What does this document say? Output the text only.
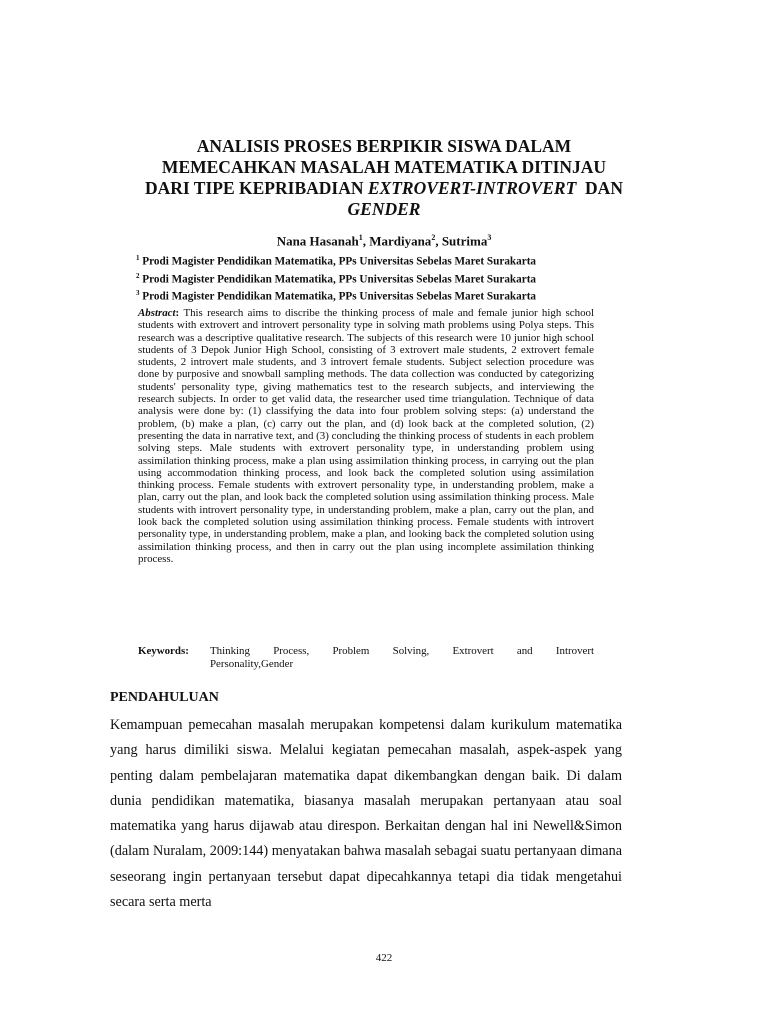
ANALISIS PROSES BERPIKIR SISWA DALAM
MEMECAHKAN MASALAH MATEMATIKA DITINJAU
DARI TIPE KEPRIBADIAN EXTROVERT-INTROVERT  DAN
GENDER
Nana Hasanah$^1$, Mardiyana$^2$, Sutrima$^3$
$^1$ Prodi Magister Pendidikan Matematika, PPs Universitas Sebelas Maret Surakarta
$^2$ Prodi Magister Pendidikan Matematika, PPs Universitas Sebelas Maret Surakarta
$^3$ Prodi Magister Pendidikan Matematika, PPs Universitas Sebelas Maret Surakarta
Abstract: This research aims to discribe the thinking process of male and female junior high school students with extrovert and introvert personality type in solving math problems using Polya steps. This research was a descriptive qualitative research. The subjects of this research were 10 junior high school students of 3 Depok Junior High School, consisting of 3 extrovert male students, 2 extrovert female students, 2 introvert male students, and 3 introvert female students. Subject selection procedure was done by purposive and snowball sampling methods. The data collection was conducted by categorizing students' personality type, giving mathematics test to the research subjects, and interviewing the research subjects. In order to get valid data, the researcher used time triangulation. Technique of data analysis were done by: (1) classifying the data into four problem solving steps: (a) understand the problem, (b) make a plan, (c) carry out the plan, and (d) look back at the completed solution, (2) presenting the data in narrative text, and (3) concluding the thinking process of students in each problem solving steps. Male students with extrovert personality type, in understanding problem using assimilation thinking process, make a plan using assimilation thinking process, in carrying out the plan using accommodation thinking process, and look back the completed solution using assimilation thinking process. Female students with extrovert personality type, in understanding problem, make a plan, carry out the plan, and look back the completed solution using assimilation thinking process. Male students with introvert personality type, in understanding problem, make a plan, carry out the plan, and look back the completed solution using assimilation thinking process. Female students with introvert personality type, in understanding problem, make a plan, and looking back the completed solution using assimilation thinking process, and then in carry out the plan using incomplete assimilation thinking process.
Keywords:	Thinking Process, Problem Solving, Extrovert and Introvert
Personality,Gender
PENDAHULUAN
Kemampuan pemecahan masalah merupakan kompetensi dalam kurikulum matematika yang harus dimiliki siswa. Melalui kegiatan pemecahan masalah, aspek-aspek yang penting dalam pembelajaran matematika dapat dikembangkan dengan baik. Di dalam dunia pendidikan matematika, biasanya masalah merupakan pertanyaan atau soal matematika yang harus dijawab atau direspon. Berkaitan dengan hal ini Newell&Simon (dalam Nuralam, 2009:144) menyatakan bahwa masalah sebagai suatu pertanyaan dimana seseorang ingin pertanyaan tersebut dapat dipecahkannya tetapi dia tidak mengetahui secara serta merta
422
